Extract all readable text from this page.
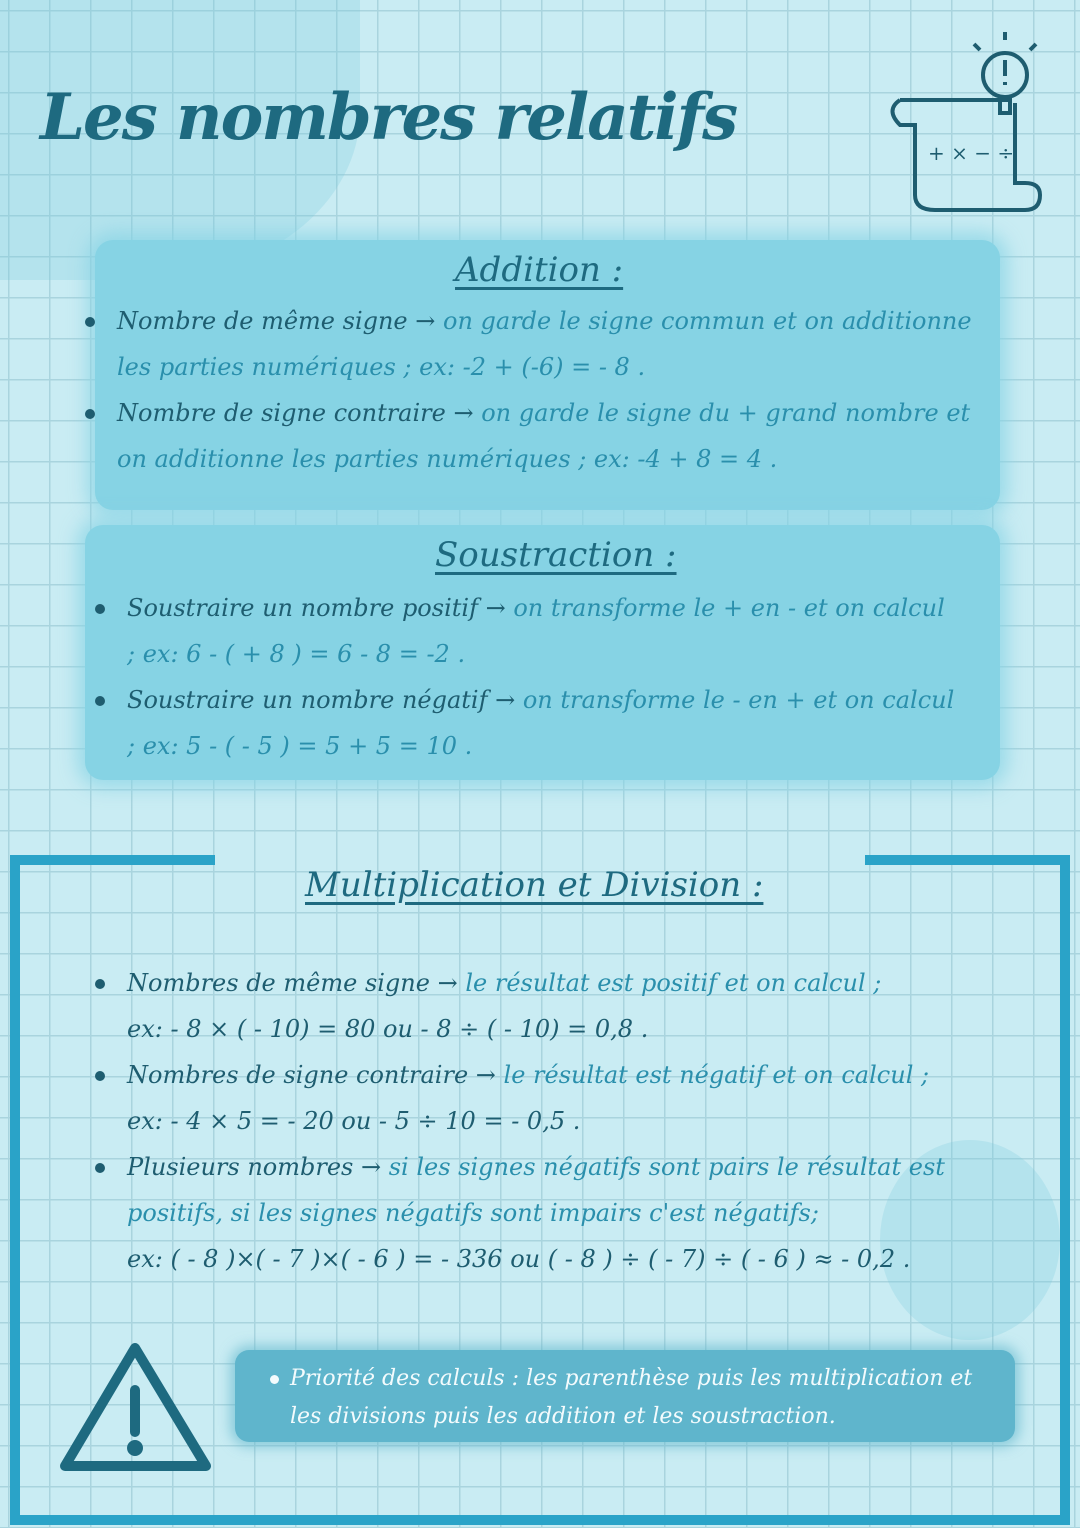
Les nombres relatifs	+ × − ÷
Addition :
Nombre de même signe → on garde le signe commun et on additionne les parties numériques ; ex: -2 + (-6) = - 8 .
Nombre de signe contraire → on garde le signe du + grand nombre et on additionne les parties numériques ; ex: -4 + 8 = 4 .
Soustraction :
Soustraire un nombre positif → on transforme le + en - et on calcul ; ex: 6 - ( + 8 ) = 6 - 8 = -2 .
Soustraire un nombre négatif → on transforme le - en + et on calcul ; ex: 5 - ( - 5 ) = 5 + 5 = 10 .
Multiplication et Division :
Nombres de même signe → le résultat est positif et on calcul ;
ex: - 8 × ( - 10) = 80 ou - 8 ÷ ( - 10) = 0,8 .
Nombres de signe contraire → le résultat est négatif et on calcul ;
ex: - 4 × 5 = - 20 ou - 5 ÷ 10 = - 0,5 .
Plusieurs nombres → si les signes négatifs sont pairs le résultat est positifs, si les signes négatifs sont impairs c'est négatifs;
ex: ( - 8 )×( - 7 )×( - 6 ) = - 336 ou ( - 8 ) ÷ ( - 7) ÷ ( - 6 ) ≈ - 0,2 .
Priorité des calculs : les parenthèse puis les multiplication et les divisions puis les addition et les soustraction.
